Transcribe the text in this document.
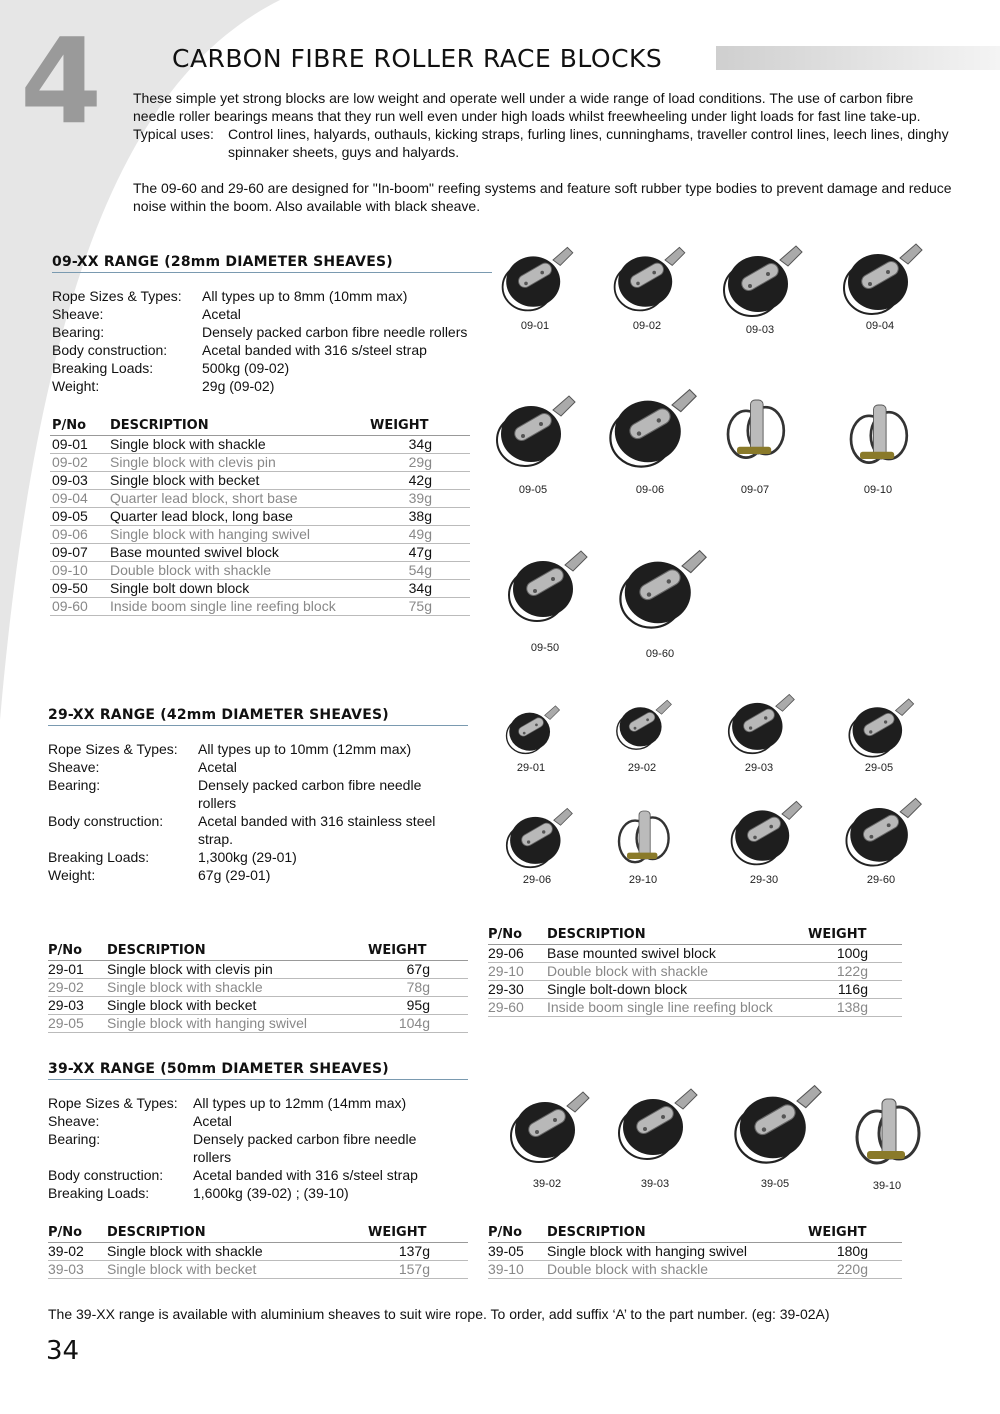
4	CARBON FIBRE ROLLER RACE BLOCKS
These simple yet strong blocks are low weight and operate well under a wide range of load conditions. The use of carbon fibre needle roller bearings means that they run well even under high loads whilst freewheeling under light loads for fast line take-up.
Typical uses:	Control lines, halyards, outhauls, kicking straps, furling lines, cunninghams, traveller control lines, leech lines, dinghy spinnaker sheets, guys and halyards.
The 09-60 and 29-60 are designed for "In-boom" reefing systems and feature soft rubber type bodies to prevent damage and reduce noise within the boom. Also available with black sheave.
09-XX RANGE (28mm DIAMETER SHEAVES)
Rope Sizes & Types:	All types up to 8mm (10mm max)
Sheave:	Acetal
Bearing:	Densely packed carbon fibre needle rollers
Body construction:	Acetal banded with 316 s/steel strap
Breaking Loads:	500kg (09-02)
Weight:	29g (09-02)
P/No	DESCRIPTION	WEIGHT
09-01	Single block with shackle	34g
09-02	Single block with clevis pin	29g
09-03	Single block with becket	42g
09-04	Quarter lead block, short base	39g
09-05	Quarter lead block, long base	38g
09-06	Single block with hanging swivel	49g
09-07	Base mounted swivel block	47g
09-10	Double block with shackle	54g
09-50	Single bolt down block	34g
09-60	Inside boom single line reefing block	75g
29-XX RANGE (42mm DIAMETER SHEAVES)
Rope Sizes & Types:	All types up to 10mm (12mm max)
Sheave:	Acetal
Bearing:	Densely packed carbon fibre needle rollers
Body construction:	Acetal banded with 316 stainless steel strap.
Breaking Loads:	1,300kg (29-01)
Weight:	67g (29-01)
P/No	DESCRIPTION	WEIGHT
29-01	Single block with clevis pin	67g
29-02	Single block with shackle	78g
29-03	Single block with becket	95g
29-05	Single block with hanging swivel	104g
P/No	DESCRIPTION	WEIGHT
29-06	Base mounted swivel block	100g
29-10	Double block with shackle	122g
29-30	Single bolt-down block	116g
29-60	Inside boom single line reefing block	138g
39-XX RANGE (50mm DIAMETER SHEAVES)
Rope Sizes & Types:	All types up to 12mm (14mm max)
Sheave:	Acetal
Bearing:	Densely packed carbon fibre needle rollers
Body construction:	Acetal banded with 316 s/steel strap
Breaking Loads:	1,600kg (39-02) ; (39-10)
P/No	DESCRIPTION	WEIGHT
39-02	Single block with shackle	137g
39-03	Single block with becket	157g
P/No	DESCRIPTION	WEIGHT
39-05	Single block with hanging swivel	180g
39-10	Double block with shackle	220g
09-01	09-02	09-03	09-04
09-05	09-06	09-07	09-10
09-50	09-60
29-01	29-02	29-03	29-05
29-06	29-10	29-30	29-60
39-02	39-03	39-05	39-10
The 39-XX range is available with aluminium sheaves to suit wire rope. To order, add suffix ‘A’ to the part number. (eg: 39-02A)
34
